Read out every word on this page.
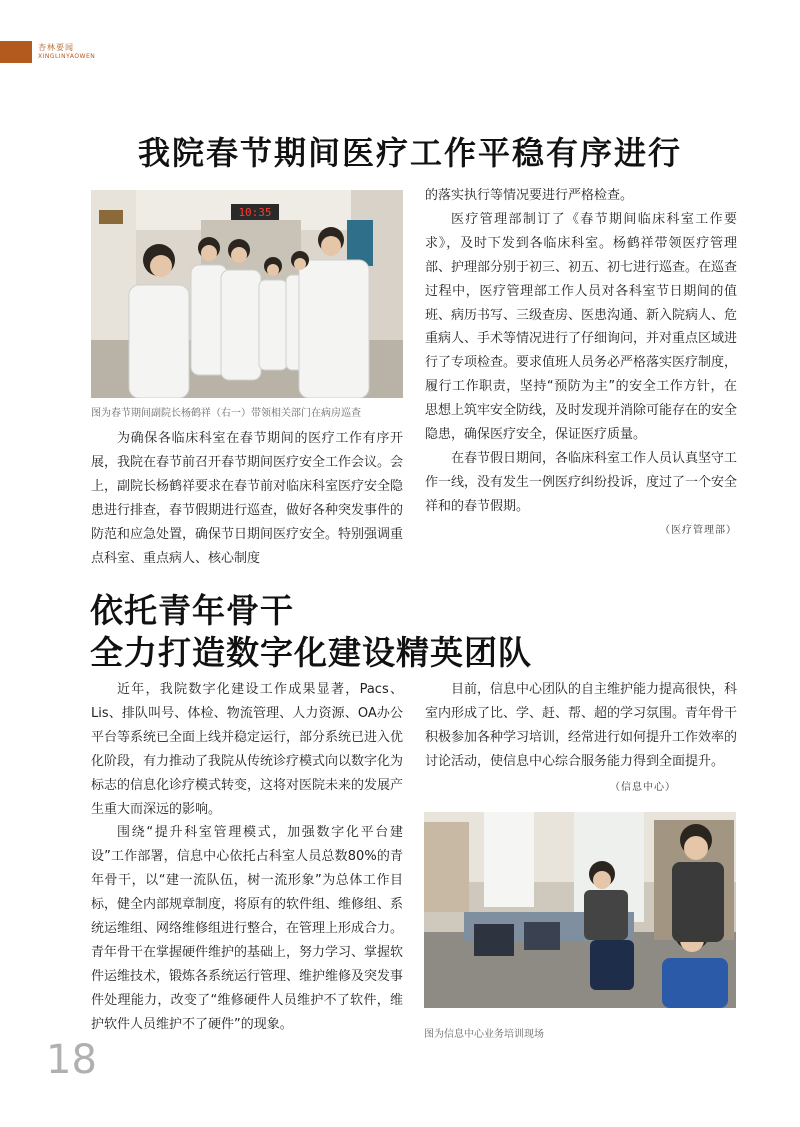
杏林要闻
XINGLINYAOWEN
我院春节期间医疗工作平稳有序进行
10:35
图为春节期间副院长杨鹤祥（右一）带领相关部门在病房巡查

为确保各临床科室在春节期间的医疗工作有序开展，我院在春节前召开春节期间医疗安全工作会议。会上，副院长杨鹤祥要求在春节前对临床科室医疗安全隐患进行排查，春节假期进行巡查，做好各种突发事件的防范和应急处置，确保节日期间医疗安全。特别强调重点科室、重点病人、核心制度

的落实执行等情况要进行严格检查。

医疗管理部制订了《春节期间临床科室工作要求》，及时下发到各临床科室。杨鹤祥带领医疗管理部、护理部分别于初三、初五、初七进行巡查。在巡查过程中，医疗管理部工作人员对各科室节日期间的值班、病历书写、三级查房、医患沟通、新入院病人、危重病人、手术等情况进行了仔细询问，并对重点区域进行了专项检查。要求值班人员务必严格落实医疗制度，履行工作职责，坚持“预防为主”的安全工作方针，在思想上筑牢安全防线，及时发现并消除可能存在的安全隐患，确保医疗安全，保证医疗质量。

在春节假日期间，各临床科室工作人员认真坚守工作一线，没有发生一例医疗纠纷投诉，度过了一个安全祥和的春节假期。

（医疗管理部）
依托青年骨干
全力打造数字化建设精英团队

近年，我院数字化建设工作成果显著，Pacs、Lis、排队叫号、体检、物流管理、人力资源、OA办公平台等系统已全面上线并稳定运行，部分系统已进入优化阶段，有力推动了我院从传统诊疗模式向以数字化为标志的信息化诊疗模式转变，这将对医院未来的发展产生重大而深远的影响。

围绕“提升科室管理模式，加强数字化平台建设”工作部署，信息中心依托占科室人员总数80%的青年骨干，以“建一流队伍，树一流形象”为总体工作目标，健全内部规章制度，将原有的软件组、维修组、系统运维组、网络维修组进行整合，在管理上形成合力。青年骨干在掌握硬件维护的基础上，努力学习、掌握软件运维技术，锻炼各系统运行管理、维护维修及突发事件处理能力，改变了“维修硬件人员维护不了软件，维护软件人员维护不了硬件”的现象。

目前，信息中心团队的自主维护能力提高很快，科室内形成了比、学、赶、帮、超的学习氛围。青年骨干积极参加各种学习培训，经常进行如何提升工作效率的讨论活动，使信息中心综合服务能力得到全面提升。

（信息中心）
图为信息中心业务培训现场
18
